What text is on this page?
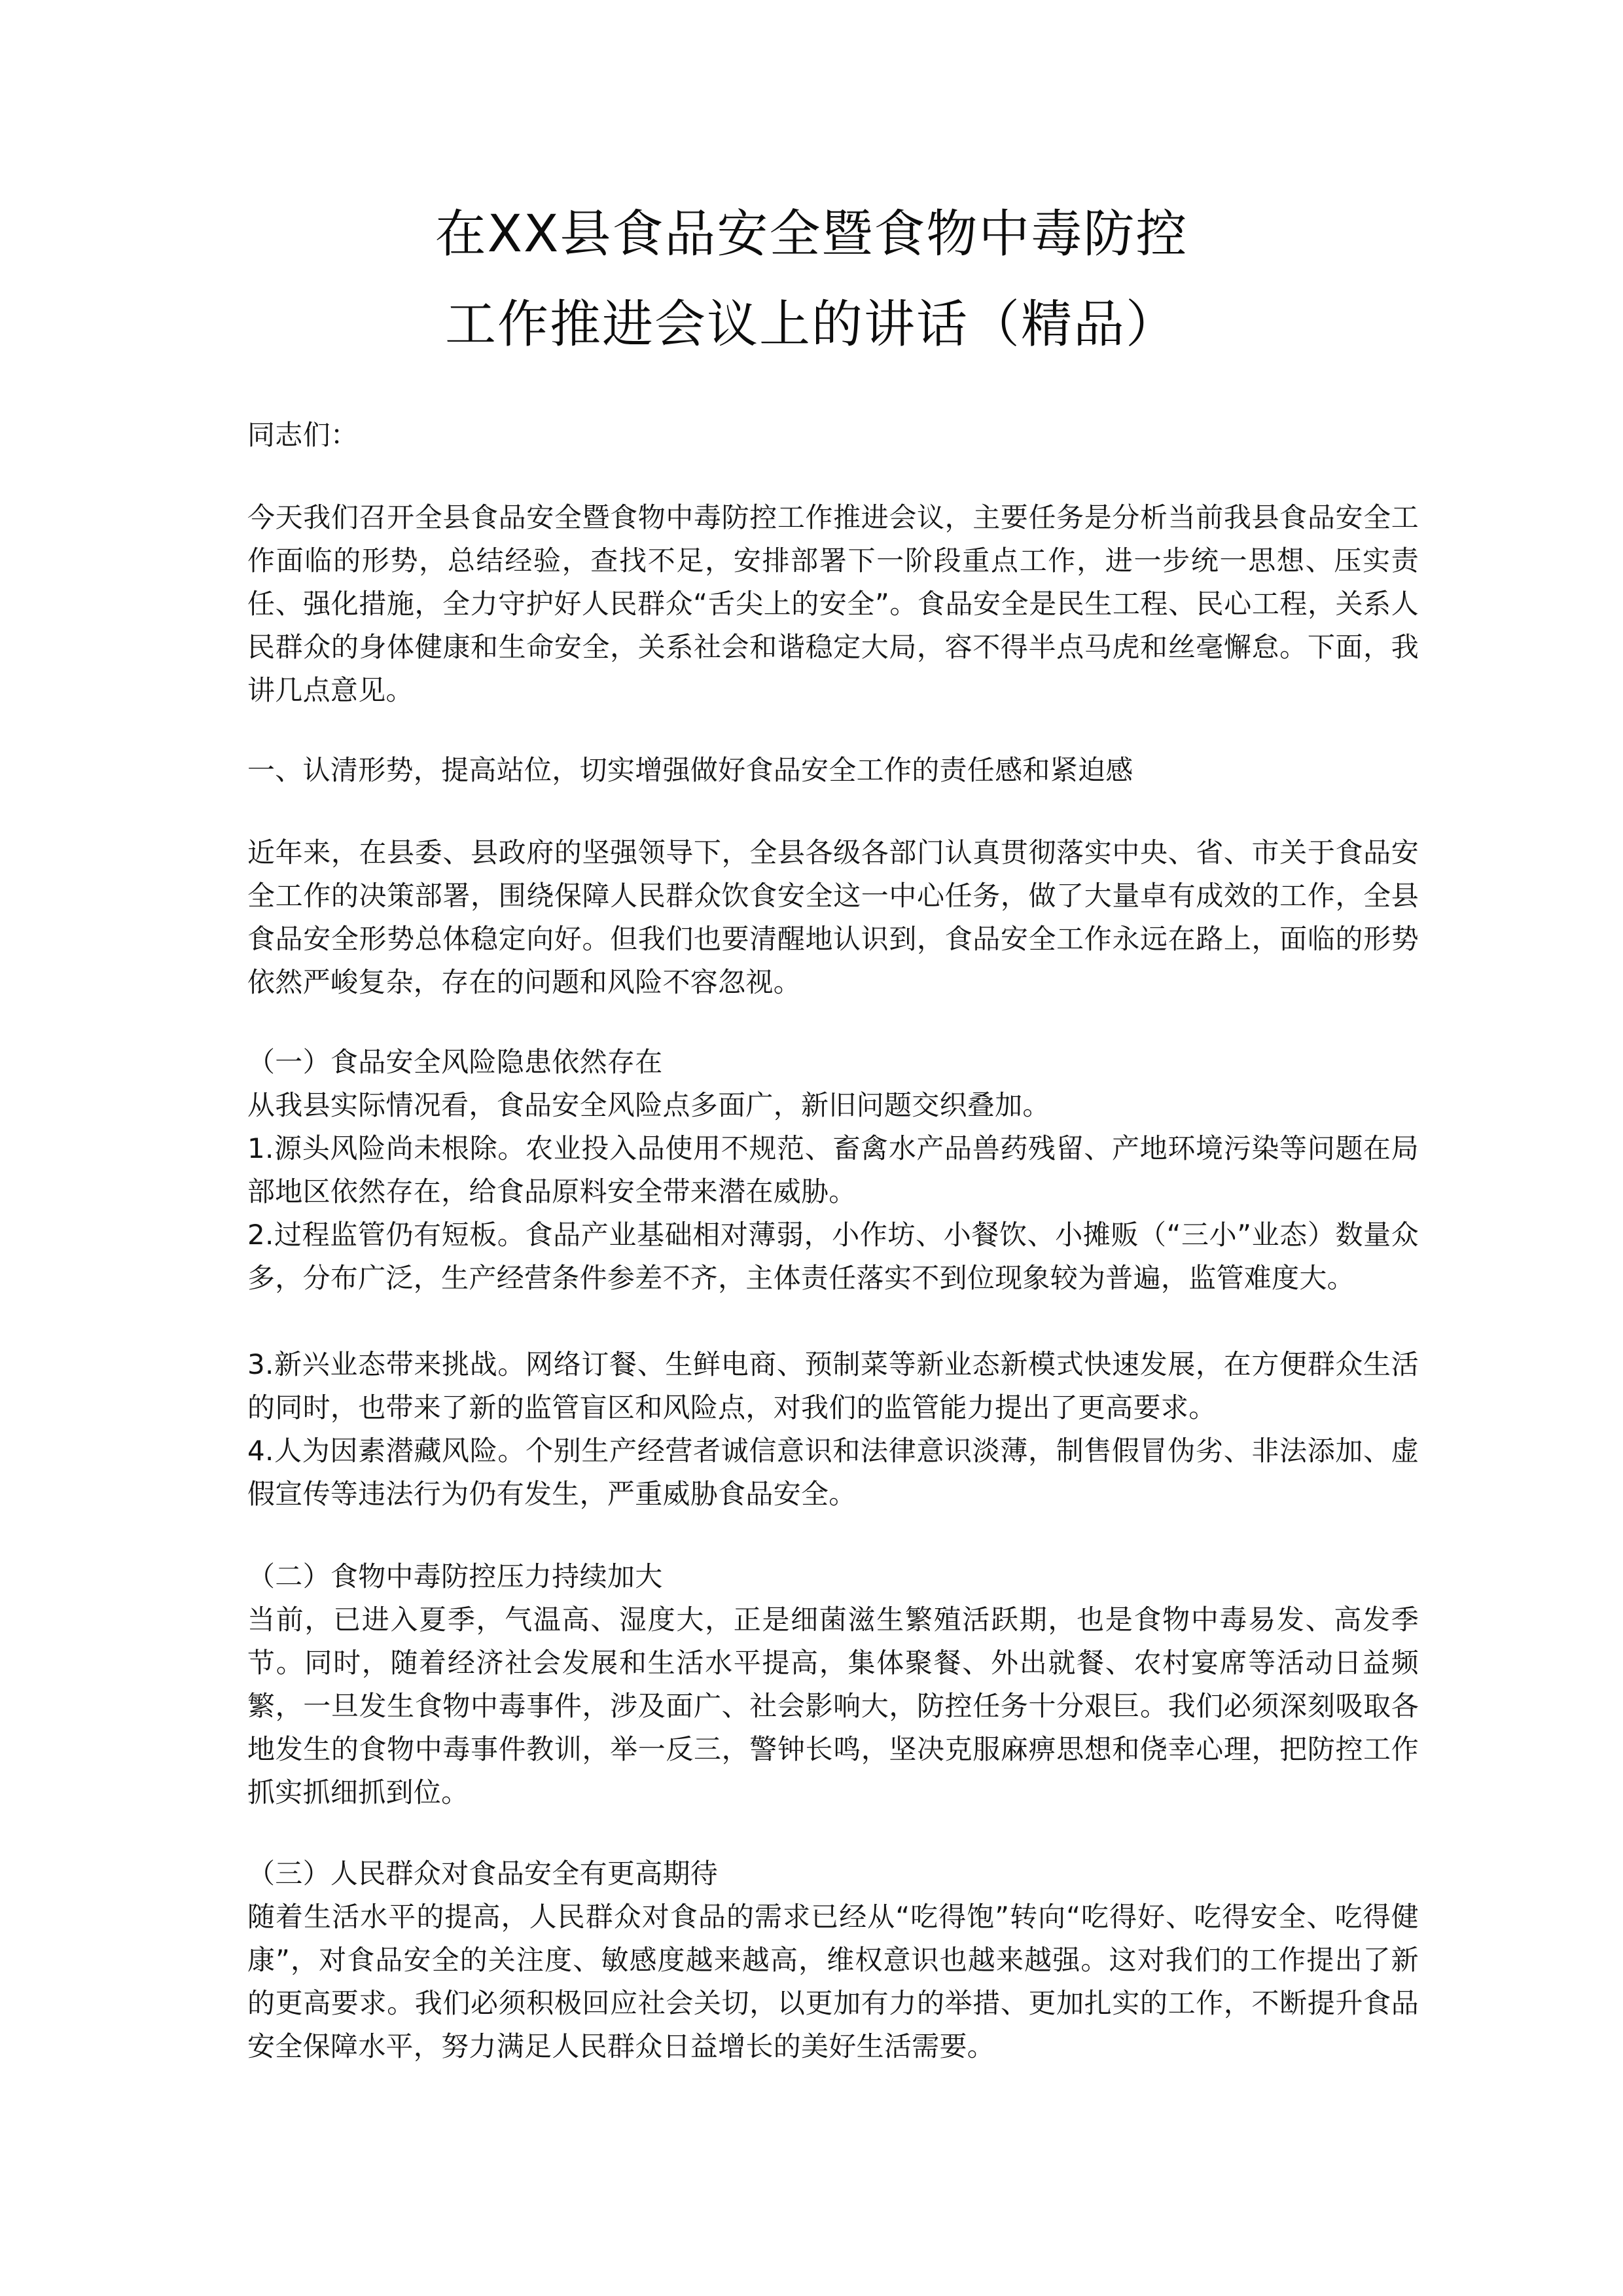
在XX县食品安全暨食物中毒防控
工作推进会议上的讲话（精品）

同志们：

今天我们召开全县食品安全暨食物中毒防控工作推进会议，主要任务是分析当前我县食品安全工作面临的形势，总结经验，查找不足，安排部署下一阶段重点工作，进一步统一思想、压实责任、强化措施，全力守护好人民群众“舌尖上的安全”。食品安全是民生工程、民心工程，关系人民群众的身体健康和生命安全，关系社会和谐稳定大局，容不得半点马虎和丝毫懈怠。下面，我讲几点意见。

一、认清形势，提高站位，切实增强做好食品安全工作的责任感和紧迫感

近年来，在县委、县政府的坚强领导下，全县各级各部门认真贯彻落实中央、省、市关于食品安全工作的决策部署，围绕保障人民群众饮食安全这一中心任务，做了大量卓有成效的工作，全县食品安全形势总体稳定向好。但我们也要清醒地认识到，食品安全工作永远在路上，面临的形势依然严峻复杂，存在的问题和风险不容忽视。

（一）食品安全风险隐患依然存在

从我县实际情况看，食品安全风险点多面广，新旧问题交织叠加。

1.源头风险尚未根除。农业投入品使用不规范、畜禽水产品兽药残留、产地环境污染等问题在局部地区依然存在，给食品原料安全带来潜在威胁。

2.过程监管仍有短板。食品产业基础相对薄弱，小作坊、小餐饮、小摊贩（“三小”业态）数量众多，分布广泛，生产经营条件参差不齐，主体责任落实不到位现象较为普遍，监管难度大。

3.新兴业态带来挑战。网络订餐、生鲜电商、预制菜等新业态新模式快速发展，在方便群众生活的同时，也带来了新的监管盲区和风险点，对我们的监管能力提出了更高要求。

4.人为因素潜藏风险。个别生产经营者诚信意识和法律意识淡薄，制售假冒伪劣、非法添加、虚假宣传等违法行为仍有发生，严重威胁食品安全。

（二）食物中毒防控压力持续加大

当前，已进入夏季，气温高、湿度大，正是细菌滋生繁殖活跃期，也是食物中毒易发、高发季节。同时，随着经济社会发展和生活水平提高，集体聚餐、外出就餐、农村宴席等活动日益频繁，一旦发生食物中毒事件，涉及面广、社会影响大，防控任务十分艰巨。我们必须深刻吸取各地发生的食物中毒事件教训，举一反三，警钟长鸣，坚决克服麻痹思想和侥幸心理，把防控工作抓实抓细抓到位。

（三）人民群众对食品安全有更高期待

随着生活水平的提高，人民群众对食品的需求已经从“吃得饱”转向“吃得好、吃得安全、吃得健康”，对食品安全的关注度、敏感度越来越高，维权意识也越来越强。这对我们的工作提出了新的更高要求。我们必须积极回应社会关切，以更加有力的举措、更加扎实的工作，不断提升食品安全保障水平，努力满足人民群众日益增长的美好生活需要。
